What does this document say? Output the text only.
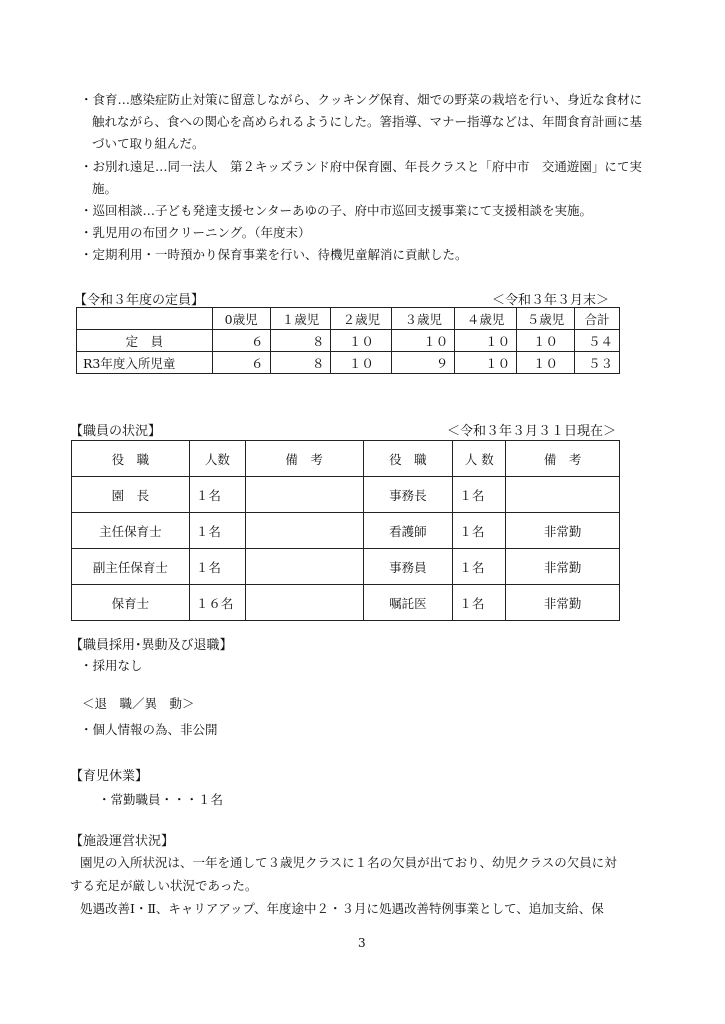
・食育…感染症防止対策に留意しながら、クッキング保育、畑での野菜の栽培を行い、身近な食材に
触れながら、食への関心を高められるようにした。箸指導、マナー指導などは、年間食育計画に基
づいて取り組んだ。
・お別れ遠足…同一法人　第２キッズランド府中保育園、年長クラスと「府中市　交通遊園」にて実
施。
・巡回相談…子ども発達支援センターあゆの子、府中市巡回支援事業にて支援相談を実施。
・乳児用の布団クリーニング。（年度末）
・定期利用・一時預かり保育事業を行い、待機児童解消に貢献した。
【令和３年度の定員】	＜令和３年３月末＞
	0歳児	１歳児	２歳児	３歳児	４歳児	５歳児	合計
定　員	６	８	１０	１０	１０	１０	５４
R3年度入所児童	６	８	１０	９	１０	１０	５３
【職員の状況】	＜令和３年３月３１日現在＞
役　職	人数	備　考	役　職	人 数	備　考
園　長	１名		事務長	１名	
主任保育士	１名		看護師	１名	非常勤
副主任保育士	１名		事務員	１名	非常勤
保育士	１６名		嘱託医	１名	非常勤
【職員採用･異動及び退職】
・採用なし
＜退　職／異　動＞
・個人情報の為、非公開
【育児休業】
・常勤職員・・・１名
【施設運営状況】
園児の入所状況は、一年を通して３歳児クラスに１名の欠員が出ており、幼児クラスの欠員に対
する充足が厳しい状況であった。
処遇改善Ⅰ・Ⅱ、キャリアアップ、年度途中２・３月に処遇改善特例事業として、追加支給、保
3
